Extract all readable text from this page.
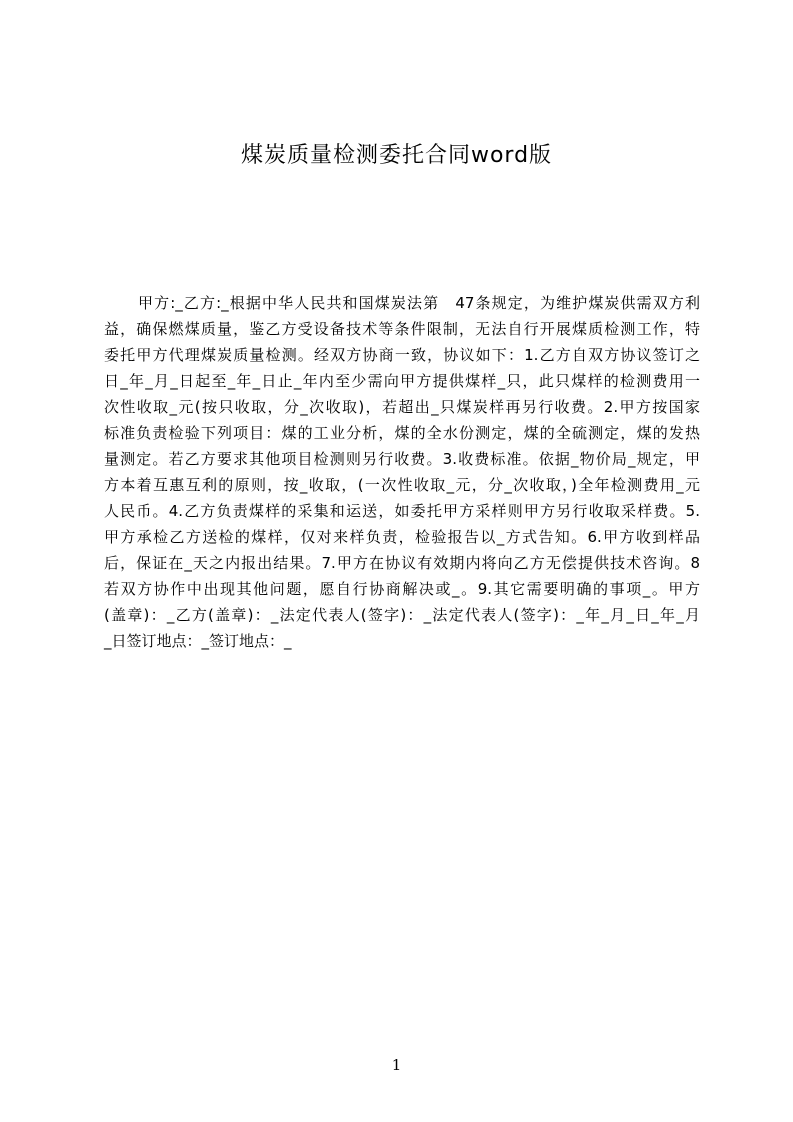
煤炭质量检测委托合同word版
甲方:_乙方:_根据中华人民共和国煤炭法第　47条规定，为维护煤炭供需双方利
益，确保燃煤质量，鉴乙方受设备技术等条件限制，无法自行开展煤质检测工作，特
委托甲方代理煤炭质量检测。经双方协商一致，协议如下：1.乙方自双方协议签订之
日_年_月_日起至_年_日止_年内至少需向甲方提供煤样_只，此只煤样的检测费用一
次性收取_元(按只收取，分_次收取)，若超出_只煤炭样再另行收费。2.甲方按国家
标准负责检验下列项目：煤的工业分析，煤的全水份测定，煤的全硫测定，煤的发热
量测定。若乙方要求其他项目检测则另行收费。3.收费标准。依据_物价局_规定，甲
方本着互惠互利的原则，按_收取，(一次性收取_元，分_次收取，)全年检测费用_元
人民币。4.乙方负责煤样的采集和运送，如委托甲方采样则甲方另行收取采样费。5.
甲方承检乙方送检的煤样，仅对来样负责，检验报告以_方式告知。6.甲方收到样品
后，保证在_天之内报出结果。7.甲方在协议有效期内将向乙方无偿提供技术咨询。8
若双方协作中出现其他问题，愿自行协商解决或_。9.其它需要明确的事项_。甲方
(盖章)：_乙方(盖章)：_法定代表人(签字)：_法定代表人(签字)：_年_月_日_年_月
_日签订地点：_签订地点：_
1
